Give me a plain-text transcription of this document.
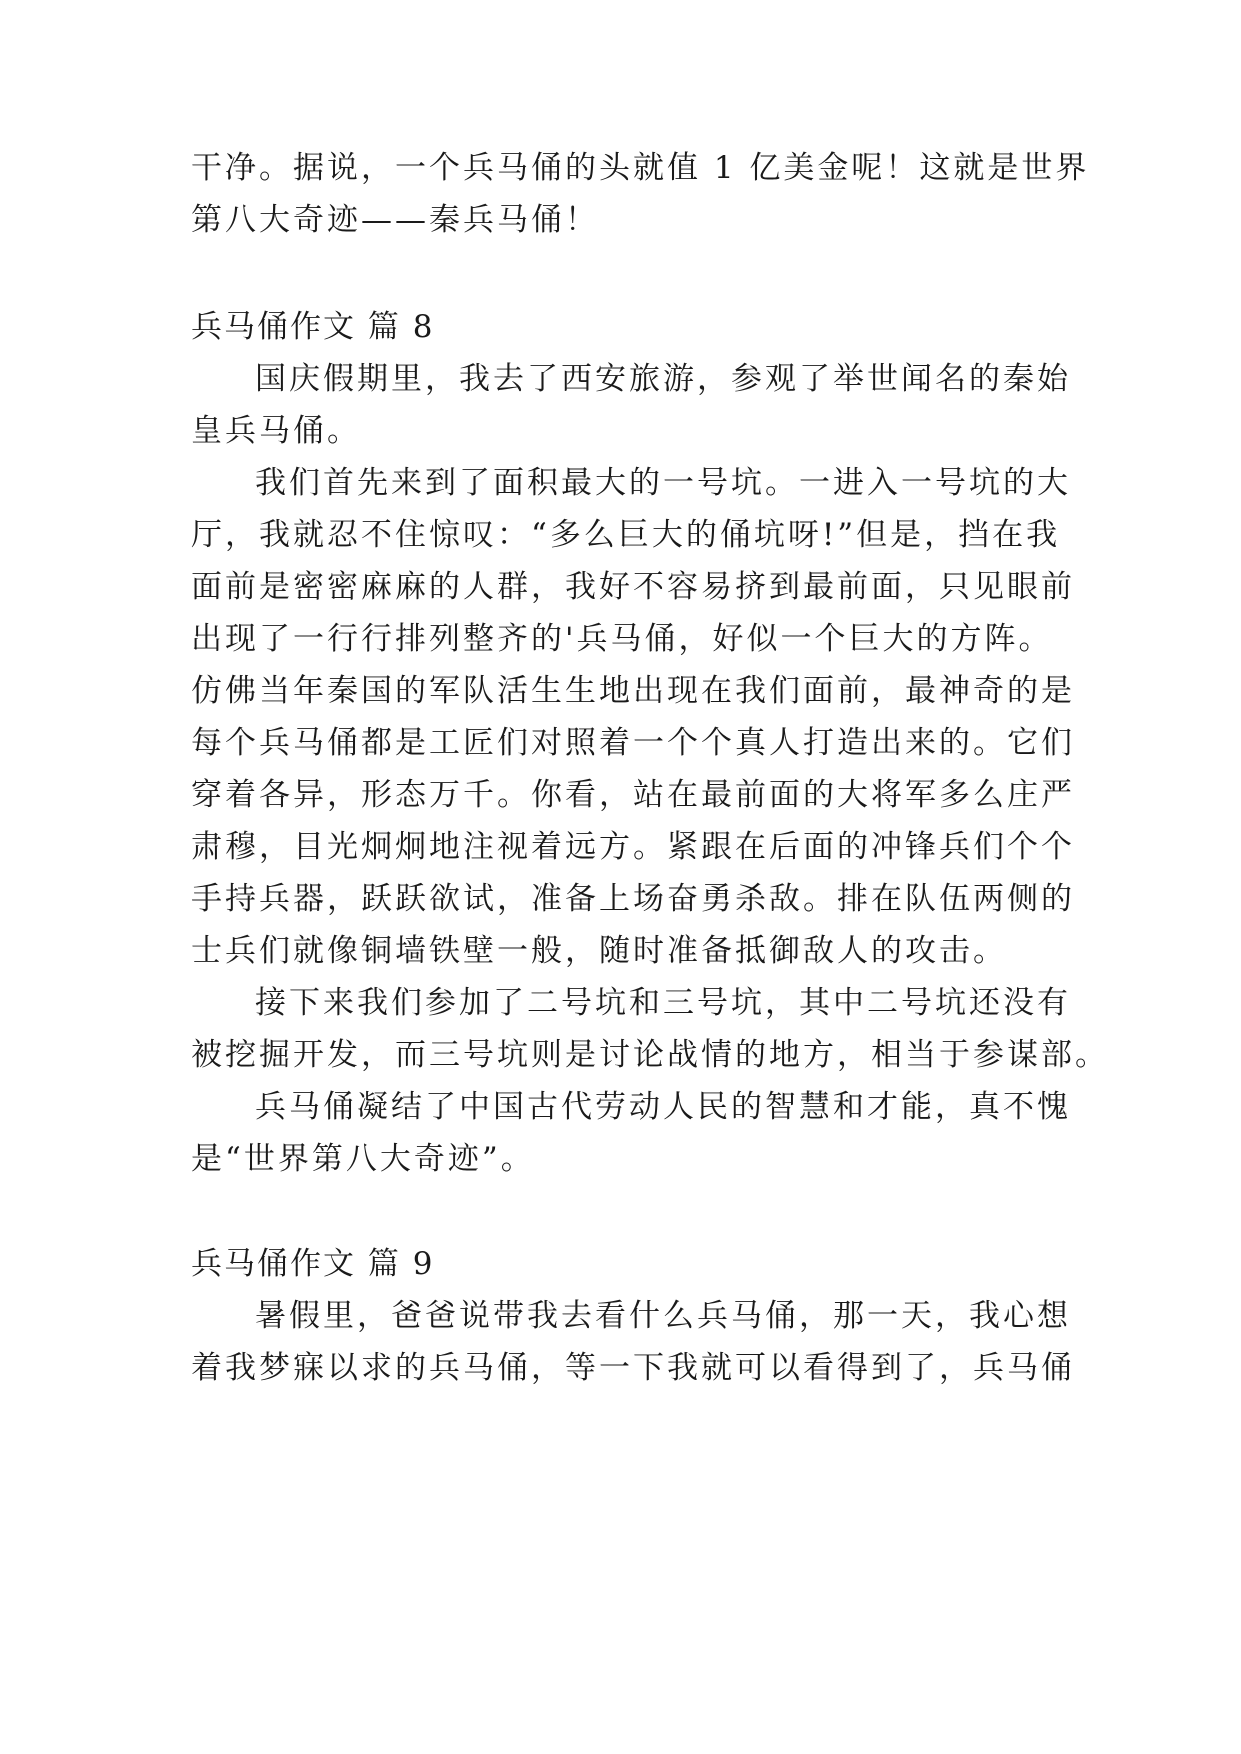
干净。据说，一个兵马俑的头就值 1 亿美金呢！这就是世界
第八大奇迹——秦兵马俑！
兵马俑作文 篇 8
国庆假期里，我去了西安旅游，参观了举世闻名的秦始
皇兵马俑。
我们首先来到了面积最大的一号坑。一进入一号坑的大
厅，我就忍不住惊叹：“多么巨大的俑坑呀!”但是，挡在我
面前是密密麻麻的人群，我好不容易挤到最前面，只见眼前
出现了一行行排列整齐的'兵马俑，好似一个巨大的方阵。
仿佛当年秦国的军队活生生地出现在我们面前，最神奇的是
每个兵马俑都是工匠们对照着一个个真人打造出来的。它们
穿着各异，形态万千。你看，站在最前面的大将军多么庄严
肃穆，目光炯炯地注视着远方。紧跟在后面的冲锋兵们个个
手持兵器，跃跃欲试，准备上场奋勇杀敌。排在队伍两侧的
士兵们就像铜墙铁壁一般，随时准备抵御敌人的攻击。
接下来我们参加了二号坑和三号坑，其中二号坑还没有
被挖掘开发，而三号坑则是讨论战情的地方，相当于参谋部。
兵马俑凝结了中国古代劳动人民的智慧和才能，真不愧
是“世界第八大奇迹”。
兵马俑作文 篇 9
暑假里，爸爸说带我去看什么兵马俑，那一天，我心想
着我梦寐以求的兵马俑，等一下我就可以看得到了，兵马俑
